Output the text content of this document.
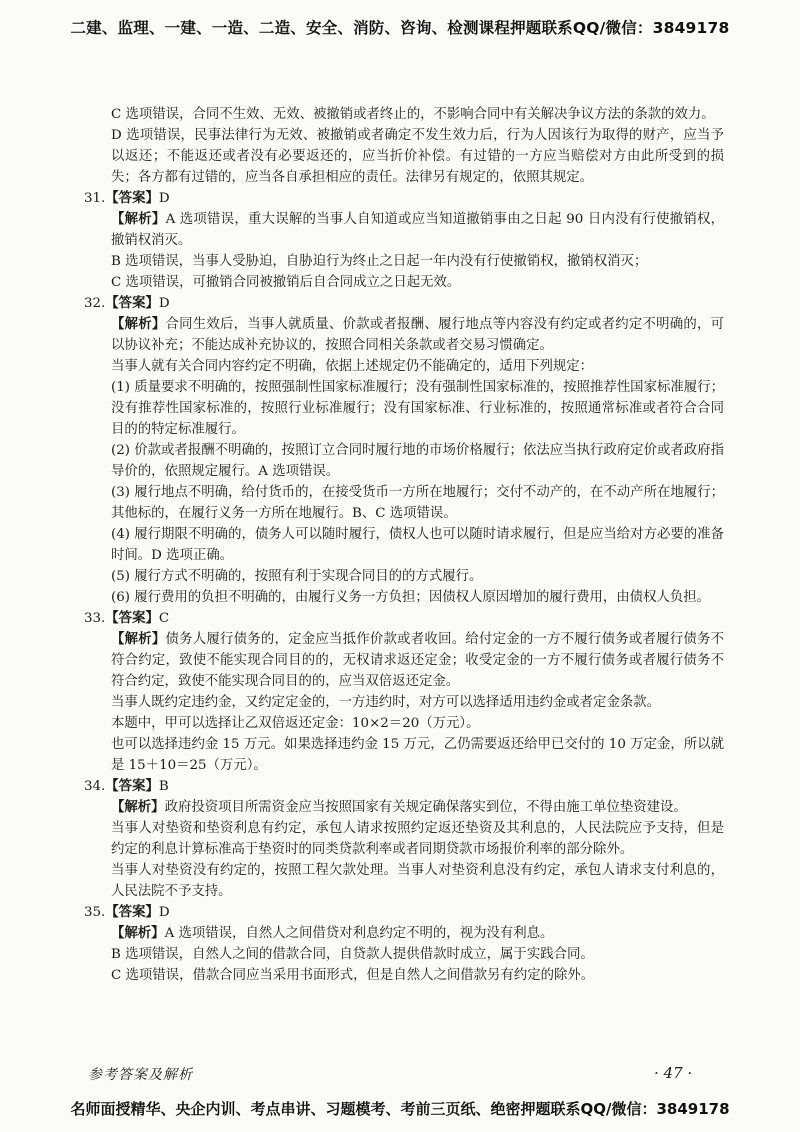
二建、监理、一建、一造、二造、安全、消防、咨询、检测课程押题联系QQ/微信：3849178

C 选项错误，合同不生效、无效、被撤销或者终止的，不影响合同中有关解决争议方法的条款的效力。

D 选项错误，民事法律行为无效、被撤销或者确定不发生效力后，行为人因该行为取得的财产，应当予以返还；不能返还或者没有必要返还的，应当折价补偿。有过错的一方应当赔偿对方由此所受到的损失；各方都有过错的，应当各自承担相应的责任。法律另有规定的，依照其规定。

31.【答案】D

【解析】A 选项错误，重大误解的当事人自知道或应当知道撤销事由之日起 90 日内没有行使撤销权，撤销权消灭。

B 选项错误，当事人受胁迫，自胁迫行为终止之日起一年内没有行使撤销权，撤销权消灭；

C 选项错误，可撤销合同被撤销后自合同成立之日起无效。

32.【答案】D

【解析】合同生效后，当事人就质量、价款或者报酬、履行地点等内容没有约定或者约定不明确的，可以协议补充；不能达成补充协议的，按照合同相关条款或者交易习惯确定。

当事人就有关合同内容约定不明确，依据上述规定仍不能确定的，适用下列规定：

(1) 质量要求不明确的，按照强制性国家标准履行；没有强制性国家标准的，按照推荐性国家标准履行；没有推荐性国家标准的，按照行业标准履行；没有国家标准、行业标准的，按照通常标准或者符合合同目的的特定标准履行。

(2) 价款或者报酬不明确的，按照订立合同时履行地的市场价格履行；依法应当执行政府定价或者政府指导价的，依照规定履行。A 选项错误。

(3) 履行地点不明确，给付货币的，在接受货币一方所在地履行；交付不动产的，在不动产所在地履行；其他标的，在履行义务一方所在地履行。B、C 选项错误。

(4) 履行期限不明确的，债务人可以随时履行，债权人也可以随时请求履行，但是应当给对方必要的准备时间。D 选项正确。

(5) 履行方式不明确的，按照有利于实现合同目的的方式履行。

(6) 履行费用的负担不明确的，由履行义务一方负担；因债权人原因增加的履行费用，由债权人负担。

33.【答案】C

【解析】债务人履行债务的，定金应当抵作价款或者收回。给付定金的一方不履行债务或者履行债务不符合约定，致使不能实现合同目的的，无权请求返还定金；收受定金的一方不履行债务或者履行债务不符合约定，致使不能实现合同目的的，应当双倍返还定金。

当事人既约定违约金，又约定定金的，一方违约时，对方可以选择适用违约金或者定金条款。

本题中，甲可以选择让乙双倍返还定金：10×2＝20（万元）。

也可以选择违约金 15 万元。如果选择违约金 15 万元，乙仍需要返还给甲已交付的 10 万定金，所以就是 15＋10＝25（万元）。

34.【答案】B

【解析】政府投资项目所需资金应当按照国家有关规定确保落实到位，不得由施工单位垫资建设。

当事人对垫资和垫资利息有约定，承包人请求按照约定返还垫资及其利息的，人民法院应予支持，但是约定的利息计算标准高于垫资时的同类贷款利率或者同期贷款市场报价利率的部分除外。

当事人对垫资没有约定的，按照工程欠款处理。当事人对垫资利息没有约定，承包人请求支付利息的，人民法院不予支持。

35.【答案】D

【解析】A 选项错误，自然人之间借贷对利息约定不明的，视为没有利息。

B 选项错误，自然人之间的借款合同，自贷款人提供借款时成立，属于实践合同。

C 选项错误，借款合同应当采用书面形式，但是自然人之间借款另有约定的除外。

参考答案及解析	· 47 ·
名师面授精华、央企内训、考点串讲、习题模考、考前三页纸、绝密押题联系QQ/微信：3849178
